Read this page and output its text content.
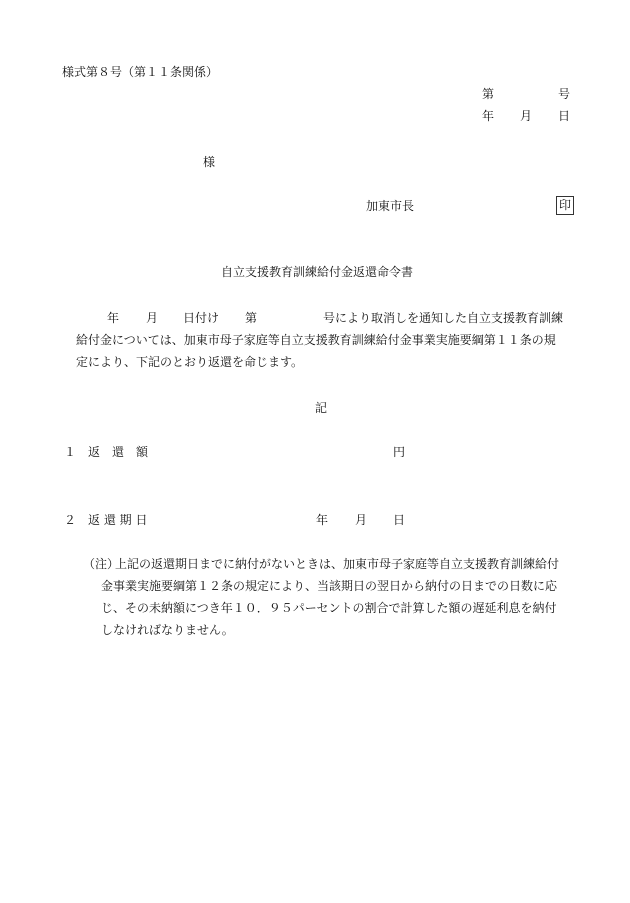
様式第８号（第１１条関係）
第	号
年 月 日
様
加東市長	印
自立支援教育訓練給付金返還命令書
年 月 日付け 第	号により取消しを通知した自立支援教育訓練
給付金については、加東市母子家庭等自立支援教育訓練給付金事業実施要綱第１１条の規
定により、下記のとおり返還を命じます。
記
１ 返　還　額	円
２ 返 還 期 日	年 月 日
（注）
上記の返還期日までに納付がないときは、加東市母子家庭等自立支援教育訓練給付
金事業実施要綱第１２条の規定により、当該期日の翌日から納付の日までの日数に応
じ、その未納額につき年１０．９５パーセントの割合で計算した額の遅延利息を納付
しなければなりません。
